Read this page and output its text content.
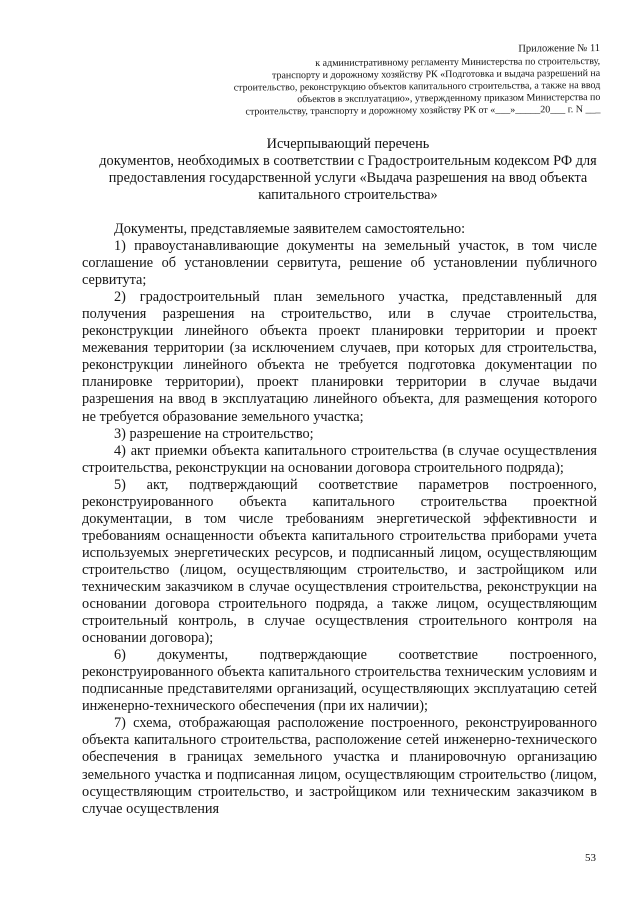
Приложение № 11
к административному регламенту Министерства по строительству,
транспорту и дорожному хозяйству РК «Подготовка и выдача разрешений на
строительство, реконструкцию объектов капитального строительства, а также на ввод
объектов в эксплуатацию», утвержденному приказом Министерства по
строительству, транспорту и дорожному хозяйству РК от «___»_____20___ г. N ___
Исчерпывающий перечень
документов, необходимых в соответствии с Градостроительным кодексом РФ для предоставления государственной услуги «Выдача разрешения на ввод объекта капитального строительства»

Документы, представляемые заявителем самостоятельно:

1) правоустанавливающие документы на земельный участок, в том числе соглашение об установлении сервитута, решение об установлении публичного сервитута;

2) градостроительный план земельного участка, представленный для получения разрешения на строительство, или в случае строительства, реконструкции линейного объекта проект планировки территории и проект межевания территории (за исключением случаев, при которых для строительства, реконструкции линейного объекта не требуется подготовка документации по планировке территории), проект планировки территории в случае выдачи разрешения на ввод в эксплуатацию линейного объекта, для размещения которого не требуется образование земельного участка;

3) разрешение на строительство;

4) акт приемки объекта капитального строительства (в случае осуществления строительства, реконструкции на основании договора строительного подряда);

5) акт, подтверждающий соответствие параметров построенного, реконструированного объекта капитального строительства проектной документации, в том числе требованиям энергетической эффективности и требованиям оснащенности объекта капитального строительства приборами учета используемых энергетических ресурсов, и подписанный лицом, осуществляющим строительство (лицом, осуществляющим строительство, и застройщиком или техническим заказчиком в случае осуществления строительства, реконструкции на основании договора строительного подряда, а также лицом, осуществляющим строительный контроль, в случае осуществления строительного контроля на основании договора);

6) документы, подтверждающие соответствие построенного, реконструированного объекта капитального строительства техническим условиям и подписанные представителями организаций, осуществляющих эксплуатацию сетей инженерно-технического обеспечения (при их наличии);

7) схема, отображающая расположение построенного, реконструированного объекта капитального строительства, расположение сетей инженерно-технического обеспечения в границах земельного участка и планировочную организацию земельного участка и подписанная лицом, осуществляющим строительство (лицом, осуществляющим строительство, и застройщиком или техническим заказчиком в случае осуществления

53
